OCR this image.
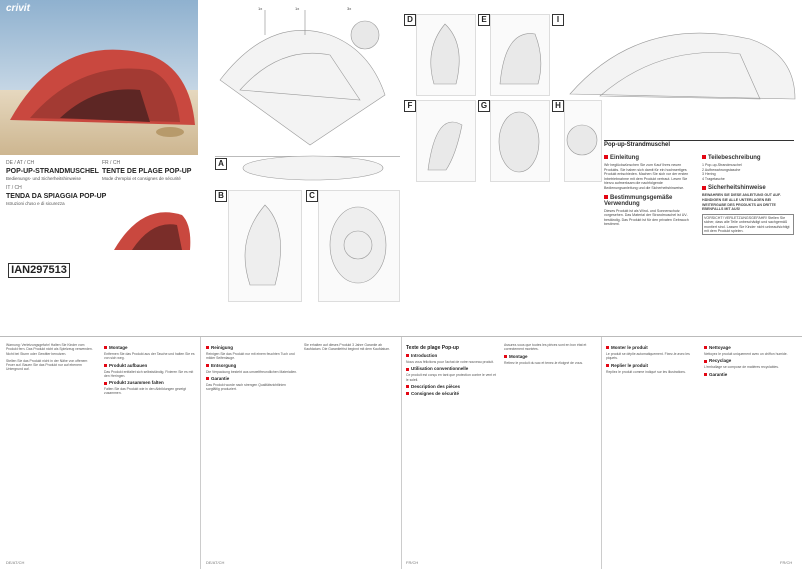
crivit
DE / AT / CH
POP-UP-STRANDMUSCHEL
Bedienungs- und Sicherheitshinweise
IT / CH
TENDA DA SPIAGGIA POP-UP
Istruzioni d'uso e di sicurezza
FR / CH
TENTE DE PLAGE POP-UP
Mode d'emploi et consignes de sécurité
IAN297513
1x	1x	3x
A
B	C
D	E	I
F	G	H
Pop-up-Strandmuschel
Einleitung
Wir beglückwünschen Sie zum Kauf Ihres neuen Produkts. Sie haben sich damit für ein hochwertiges Produkt entschieden. Machen Sie sich vor der ersten Inbetriebnahme mit dem Produkt vertraut. Lesen Sie hierzu aufmerksam die nachfolgende Bedienungsanleitung und die Sicherheitshinweise.
Bestimmungsgemäße Verwendung
Dieses Produkt ist als Wind- und Sonnenschutz vorgesehen. Das Material der Strandmuschel ist UV-beständig. Das Produkt ist für den privaten Gebrauch bestimmt.
Teilebeschreibung
1 Pop-up-Strandmuschel
2 Aufbewahrungstasche
3 Hering
4 Tragetasche
Sicherheitshinweise
BEWAHREN SIE DIESE ANLEITUNG GUT AUF. HÄNDIGEN SIE ALLE UNTERLAGEN BEI WEITERGABE DES PRODUKTS AN DRITTE EBENFALLS MIT AUS!
VORSICHT! VERLETZUNGSGEFAHR! Stellen Sie sicher, dass alle Teile unbeschädigt und sachgemäß montiert sind. Lassen Sie Kinder nicht unbeaufsichtigt mit dem Produkt spielen.
Warnung: Verletzungsgefahr! Halten Sie Kinder vom Produkt fern. Das Produkt nicht als Spielzeug verwenden. Nicht bei Sturm oder Gewitter benutzen.
Stellen Sie das Produkt nicht in der Nähe von offenem Feuer auf. Bauen Sie das Produkt nur auf ebenem Untergrund auf.
Montage
Entfernen Sie das Produkt aus der Tasche und halten Sie es von sich weg.
Produkt aufbauen
Das Produkt entfaltet sich selbstständig. Fixieren Sie es mit den Heringen.
Produkt zusammen falten
Falten Sie das Produkt wie in den Abbildungen gezeigt zusammen.
DE/AT/CH
Reinigung
Reinigen Sie das Produkt nur mit einem feuchten Tuch und milder Seifenlauge.
Entsorgung
Die Verpackung besteht aus umweltfreundlichen Materialien.
Garantie
Das Produkt wurde nach strengen Qualitätsrichtlinien sorgfältig produziert.
Sie erhalten auf dieses Produkt 3 Jahre Garantie ab Kaufdatum. Die Garantiefrist beginnt mit dem Kaufdatum.
DE/AT/CH
Texte de plage Pop-up
Introduction
Nous vous félicitons pour l'achat de votre nouveau produit.
Utilisation conventionnelle
Ce produit est conçu en tant que protection contre le vent et le soleil.
Description des pièces
Consignes de sécurité
Assurez-vous que toutes les pièces sont en bon état et correctement montées.
Montage
Retirez le produit du sac et tenez-le éloigné de vous.
FR/CH
Monter le produit
Le produit se déplie automatiquement. Fixez-le avec les piquets.
Replier le produit
Repliez le produit comme indiqué sur les illustrations.
Nettoyage
Nettoyez le produit uniquement avec un chiffon humide.
Recyclage
L'emballage se compose de matières recyclables.
Garantie
FR/CH
